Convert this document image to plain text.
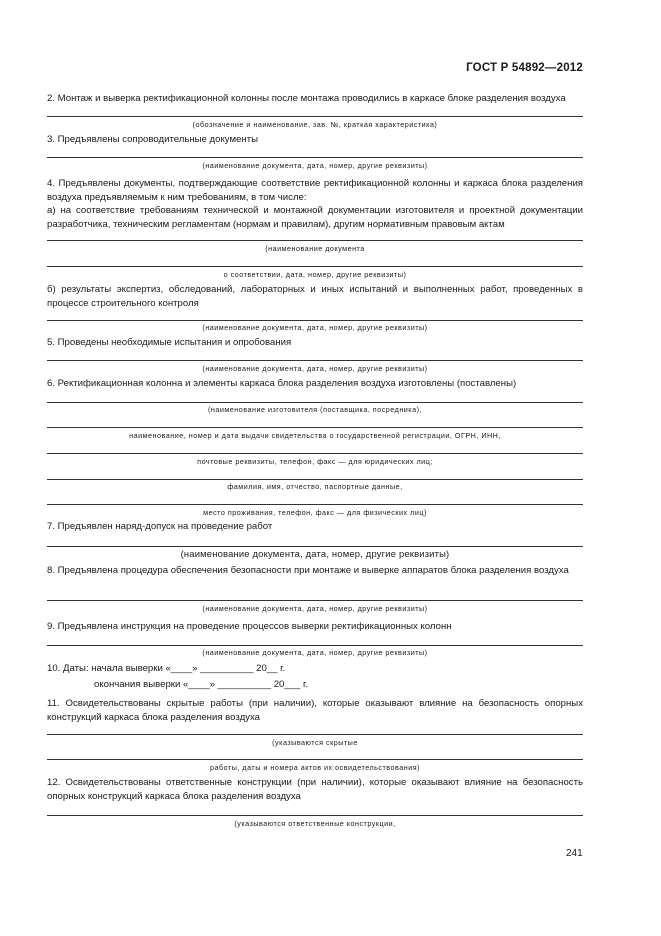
ГОСТ Р 54892—2012
2. Монтаж и выверка ректификационной колонны после монтажа проводились в каркасе блоке разделения воздуха
(обозначение и наименование, зав. №, краткая характеристика)
3. Предъявлены сопроводительные документы
(наименование документа, дата, номер, другие реквизиты)
4. Предъявлены документы, подтверждающие соответствие ректификационной колонны и каркаса блока разделения воздуха предъявляемым к ним требованиям, в том числе:
а) на соответствие требованиям технической и монтажной документации изготовителя и проектной документации разработчика, техническим регламентам (нормам и правилам), другим нормативным правовым актам
(наименование документа
о соответствии, дата, номер, другие реквизиты)
б) результаты экспертиз, обследований, лабораторных и иных испытаний и выполненных работ, проведенных в процессе строительного контроля
(наименование документа, дата, номер, другие реквизиты)
5. Проведены необходимые испытания и опробования
(наименование документа, дата, номер, другие реквизиты)
6. Ректификационная колонна и элементы каркаса блока разделения воздуха изготовлены (поставлены)
(наименование изготовителя (поставщика, посредника),
наименование, номер и дата выдачи свидетельства о государственной регистрации, ОГРН, ИНН,
почтовые реквизиты, телефон, факс — для юридических лиц;
фамилия, имя, отчество, паспортные данные,
место проживания, телефон, факс — для физических лиц)
7. Предъявлен наряд-допуск на проведение работ
(наименование документа, дата, номер, другие реквизиты)
8. Предъявлена процедура обеспечения безопасности при монтаже и выверке аппаратов блока разделения воздуха
(наименование документа, дата, номер, другие реквизиты)
9. Предъявлена инструкция на проведение процессов выверки ректификационных колонн
(наименование документа, дата, номер, другие реквизиты)
10. Даты: начала выверки «____» __________ 20__ г.
окончания выверки «____» __________ 20___ г.
11. Освидетельствованы скрытые работы (при наличии), которые оказывают влияние на безопасность опорных конструкций каркаса блока разделения воздуха
(указываются скрытые
работы, даты и номера актов их освидетельствования)
12. Освидетельствованы ответственные конструкции (при наличии), которые оказывают влияние на безопасность опорных конструкций каркаса блока разделения воздуха
(указываются ответственные конструкции,
241
